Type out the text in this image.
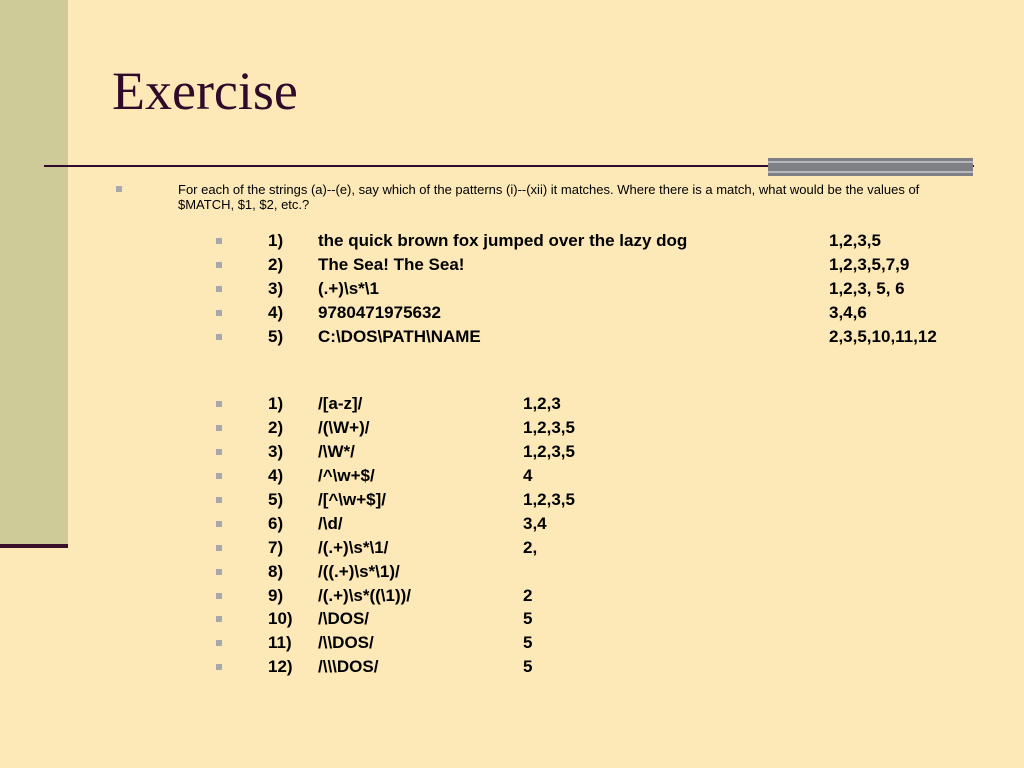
Exercise
For each of the strings (a)--(e), say which of the patterns (i)--(xii) it matches. Where there is a match, what would be the values of $MATCH, $1, $2, etc.?
1) the quick brown fox jumped over the lazy dog	1,2,3,5
2) The Sea! The Sea!	1,2,3,5,7,9
3) (.+)\s*\1	1,2,3, 5, 6
4) 9780471975632	3,4,6
5) C:\DOS\PATH\NAME	2,3,5,10,11,12
1) /[a-z]/	1,2,3
2) /(\W+)/	1,2,3,5
3) /\W*/	1,2,3,5
4) /^\w+$/	4
5) /[^\w+$]/	1,2,3,5
6) /\d/	3,4
7) /(.+)\s*\1/	2,
8) /((.+)\s*\1)/
9) /(.+)\s*((\1))/	2
10) /\DOS/	5
11) /\\DOS/	5
12) /\\\DOS/	5
